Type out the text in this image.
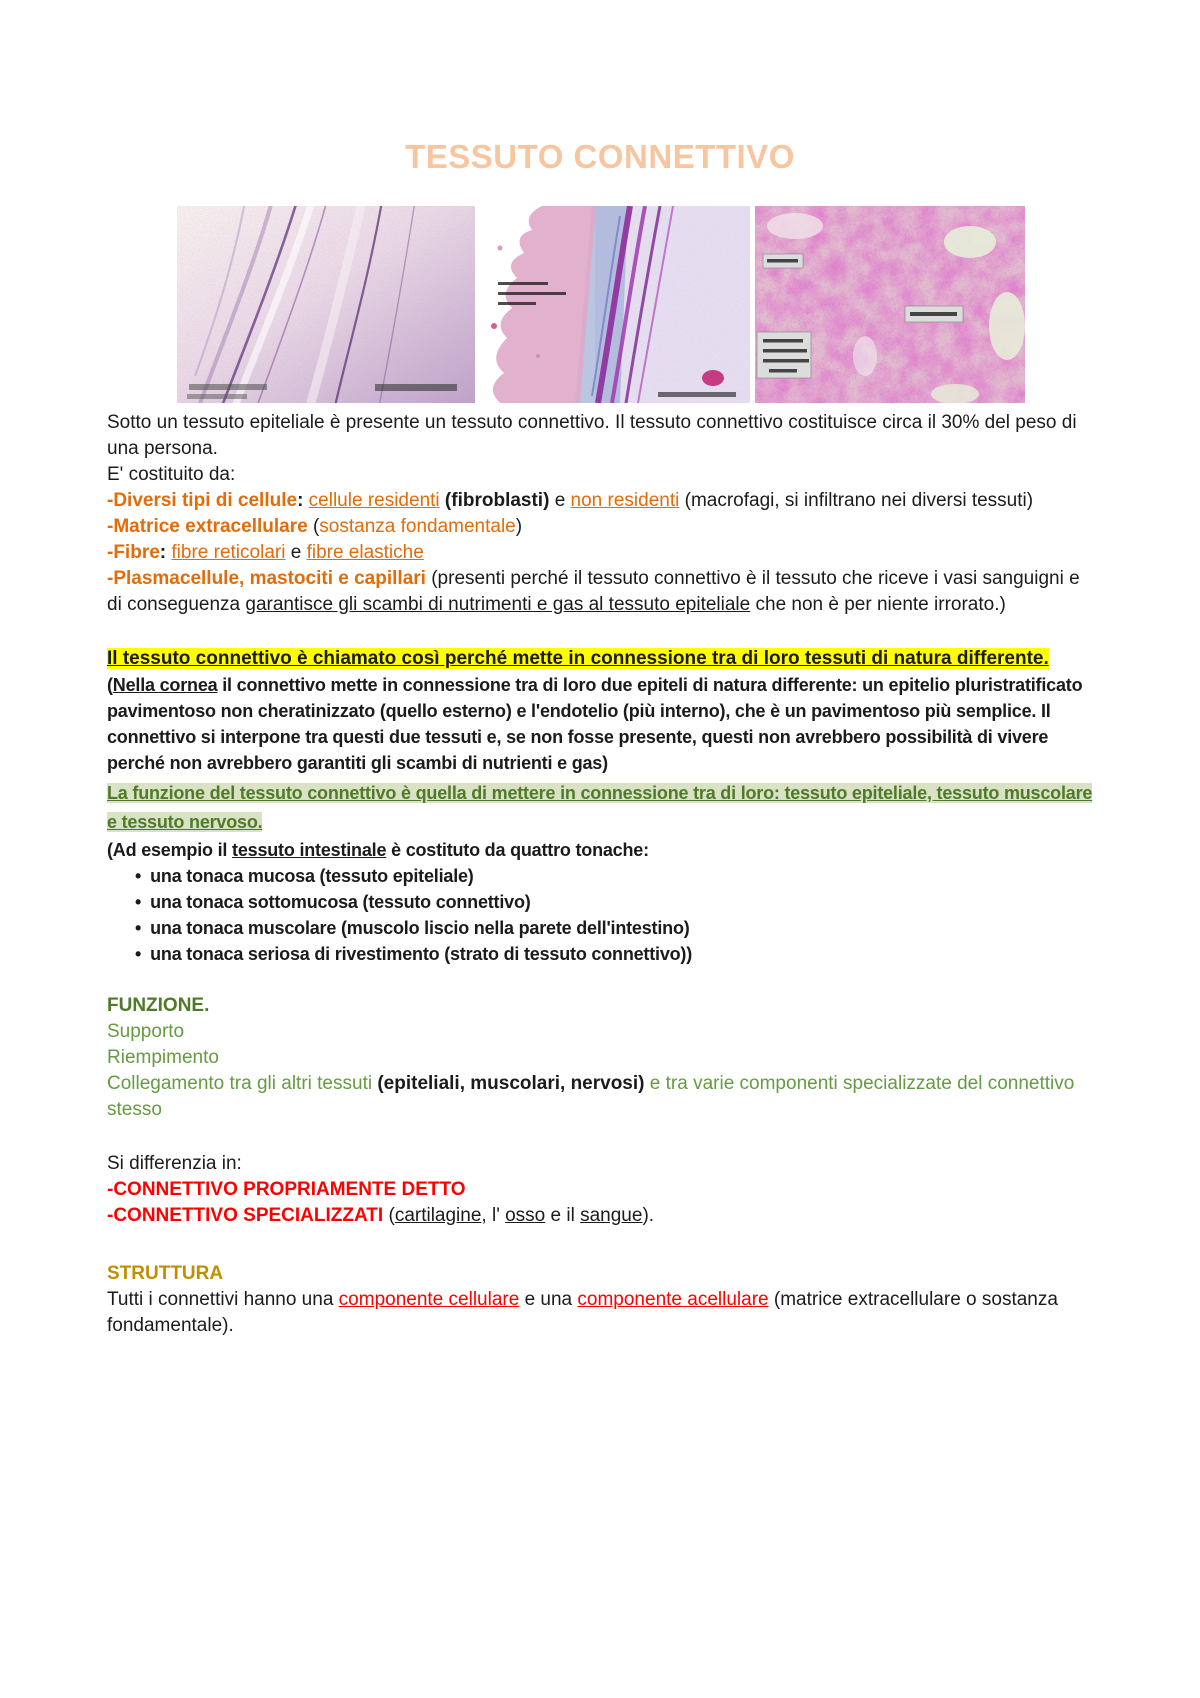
TESSUTO CONNETTIVO

Sotto un tessuto epiteliale è presente un tessuto connettivo. Il tessuto connettivo costituisce circa il 30% del peso di una persona.

E' costituito da:

-Diversi tipi di cellule: cellule residenti (fibroblasti) e non residenti (macrofagi, si infiltrano nei diversi tessuti)

-Matrice extracellulare (sostanza fondamentale)

-Fibre: fibre reticolari e fibre elastiche

-Plasmacellule, mastociti e capillari (presenti perché il tessuto connettivo è il tessuto che riceve i vasi sanguigni e di conseguenza garantisce gli scambi di nutrimenti e gas al tessuto epiteliale che non è per niente irrorato.)

Il tessuto connettivo è chiamato così perché mette in connessione tra di loro tessuti di natura differente.

(Nella cornea il connettivo mette in connessione tra di loro due epiteli di natura differente: un epitelio pluristratificato
pavimentoso non cheratinizzato (quello esterno) e l'endotelio (più interno), che è un pavimentoso più semplice. Il
connettivo si interpone tra questi due tessuti e, se non fosse presente, questi non avrebbero possibilità di vivere
perché non avrebbero garantiti gli scambi di nutrienti e gas)

La funzione del tessuto connettivo è quella di mettere in connessione tra di loro: tessuto epiteliale, tessuto muscolare e tessuto nervoso.

(Ad esempio il tessuto intestinale è costituto da quattro tonache:

• una tonaca mucosa (tessuto epiteliale)
• una tonaca sottomucosa (tessuto connettivo)
• una tonaca muscolare (muscolo liscio nella parete dell'intestino)
• una tonaca seriosa di rivestimento (strato di tessuto connettivo))

FUNZIONE.

Supporto

Riempimento

Collegamento tra gli altri tessuti (epiteliali, muscolari, nervosi) e tra varie componenti specializzate del connettivo stesso

Si differenzia in:

-CONNETTIVO PROPRIAMENTE DETTO

-CONNETTIVO SPECIALIZZATI (cartilagine, l' osso e il sangue).

STRUTTURA

Tutti i connettivi hanno una componente cellulare e una componente acellulare (matrice extracellulare o sostanza fondamentale).
